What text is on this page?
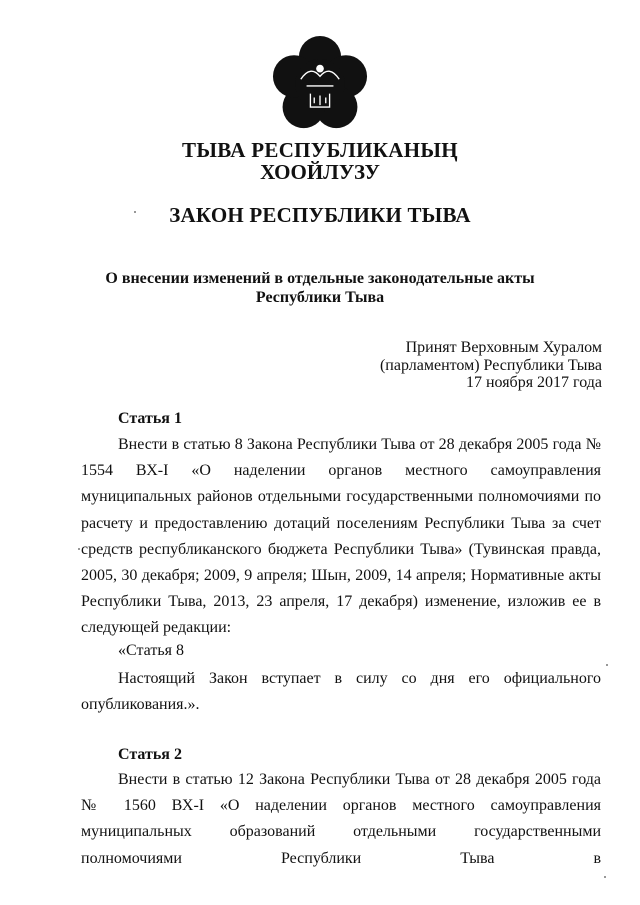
ТЫВА РЕСПУБЛИКАНЫҢ
ХООЙЛУЗУ
ЗАКОН РЕСПУБЛИКИ ТЫВА
О внесении изменений в отдельные законодательные акты
Республики Тыва
Принят Верховным Хуралом
(парламентом) Республики Тыва
17 ноября 2017 года
Статья 1

Внести в статью 8 Закона Республики Тыва от 28 декабря 2005 года № 1554 ВХ-I «О наделении органов местного самоуправления муниципальных районов отдельными государственными полномочиями по расчету и предоставлению дотаций поселениям Республики Тыва за счет средств республиканского бюджета Республики Тыва» (Тувинская правда, 2005, 30 декабря; 2009, 9 апреля; Шын, 2009, 14 апреля; Нормативные акты Республики Тыва, 2013, 23 апреля, 17 декабря) изменение, изложив ее в следующей редакции:

«Статья 8

Настоящий Закон вступает в силу со дня его официального
опубликования.».

Статья 2

Внести в статью 12 Закона Республики Тыва от 28 декабря 2005 года № 1560 ВХ-I «О наделении органов местного самоуправления муниципальных образований отдельными государственными полномочиями Республики Тыва в
